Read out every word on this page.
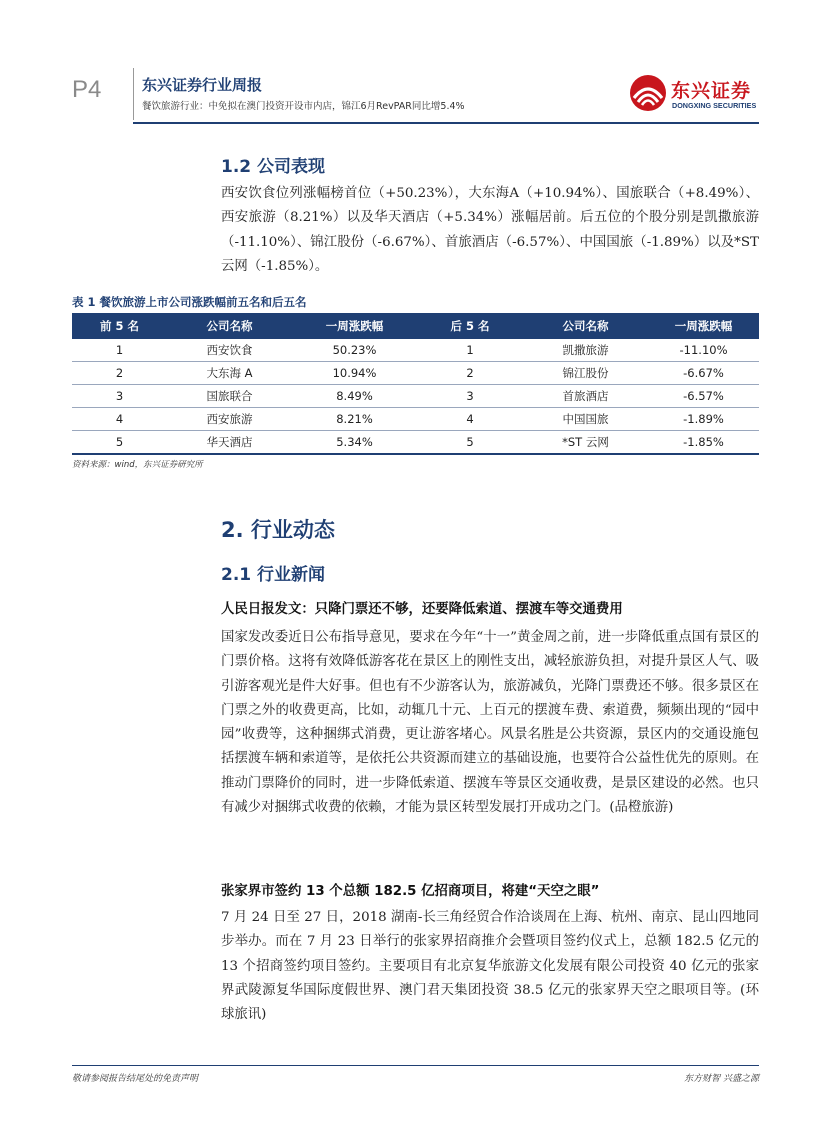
P4	东兴证券行业周报
餐饮旅游行业：中免拟在澳门投资开设市内店，锦江6月RevPAR同比增5.4%
东兴证券
DONGXING SECURITIES
1.2 公司表现
西安饮食位列涨幅榜首位（+50.23%），大东海A（+10.94%）、国旅联合（+8.49%）、西安旅游（8.21%）以及华天酒店（+5.34%）涨幅居前。后五位的个股分别是凯撒旅游（-11.10%）、锦江股份（-6.67%）、首旅酒店（-6.57%）、中国国旅（-1.89%）以及*ST云网（-1.85%）。
表 1 餐饮旅游上市公司涨跌幅前五名和后五名
前 5 名	公司名称	一周涨跌幅	后 5 名	公司名称	一周涨跌幅
1	西安饮食	50.23%	1	凯撒旅游	-11.10%
2	大东海 A	10.94%	2	锦江股份	-6.67%
3	国旅联合	8.49%	3	首旅酒店	-6.57%
4	西安旅游	8.21%	4	中国国旅	-1.89%
5	华天酒店	5.34%	5	*ST 云网	-1.85%
资料来源：wind，东兴证券研究所
2. 行业动态
2.1 行业新闻
人民日报发文：只降门票还不够，还要降低索道、摆渡车等交通费用
国家发改委近日公布指导意见，要求在今年“十一”黄金周之前，进一步降低重点国有景区的门票价格。这将有效降低游客花在景区上的刚性支出，减轻旅游负担，对提升景区人气、吸引游客观光是件大好事。但也有不少游客认为，旅游减负，光降门票费还不够。很多景区在门票之外的收费更高，比如，动辄几十元、上百元的摆渡车费、索道费，频频出现的“园中园”收费等，这种捆绑式消费，更让游客堵心。风景名胜是公共资源，景区内的交通设施包括摆渡车辆和索道等，是依托公共资源而建立的基础设施，也要符合公益性优先的原则。在推动门票降价的同时，进一步降低索道、摆渡车等景区交通收费，是景区建设的必然。也只有减少对捆绑式收费的依赖，才能为景区转型发展打开成功之门。(品橙旅游)
张家界市签约 13 个总额 182.5 亿招商项目，将建“天空之眼”
7 月 24 日至 27 日，2018 湖南-长三角经贸合作洽谈周在上海、杭州、南京、昆山四地同步举办。而在 7 月 23 日举行的张家界招商推介会暨项目签约仪式上，总额 182.5 亿元的 13 个招商签约项目签约。主要项目有北京复华旅游文化发展有限公司投资 40 亿元的张家界武陵源复华国际度假世界、澳门君天集团投资 38.5 亿元的张家界天空之眼项目等。(环球旅讯)
敬请参阅报告结尾处的免责声明	东方财智 兴盛之源
